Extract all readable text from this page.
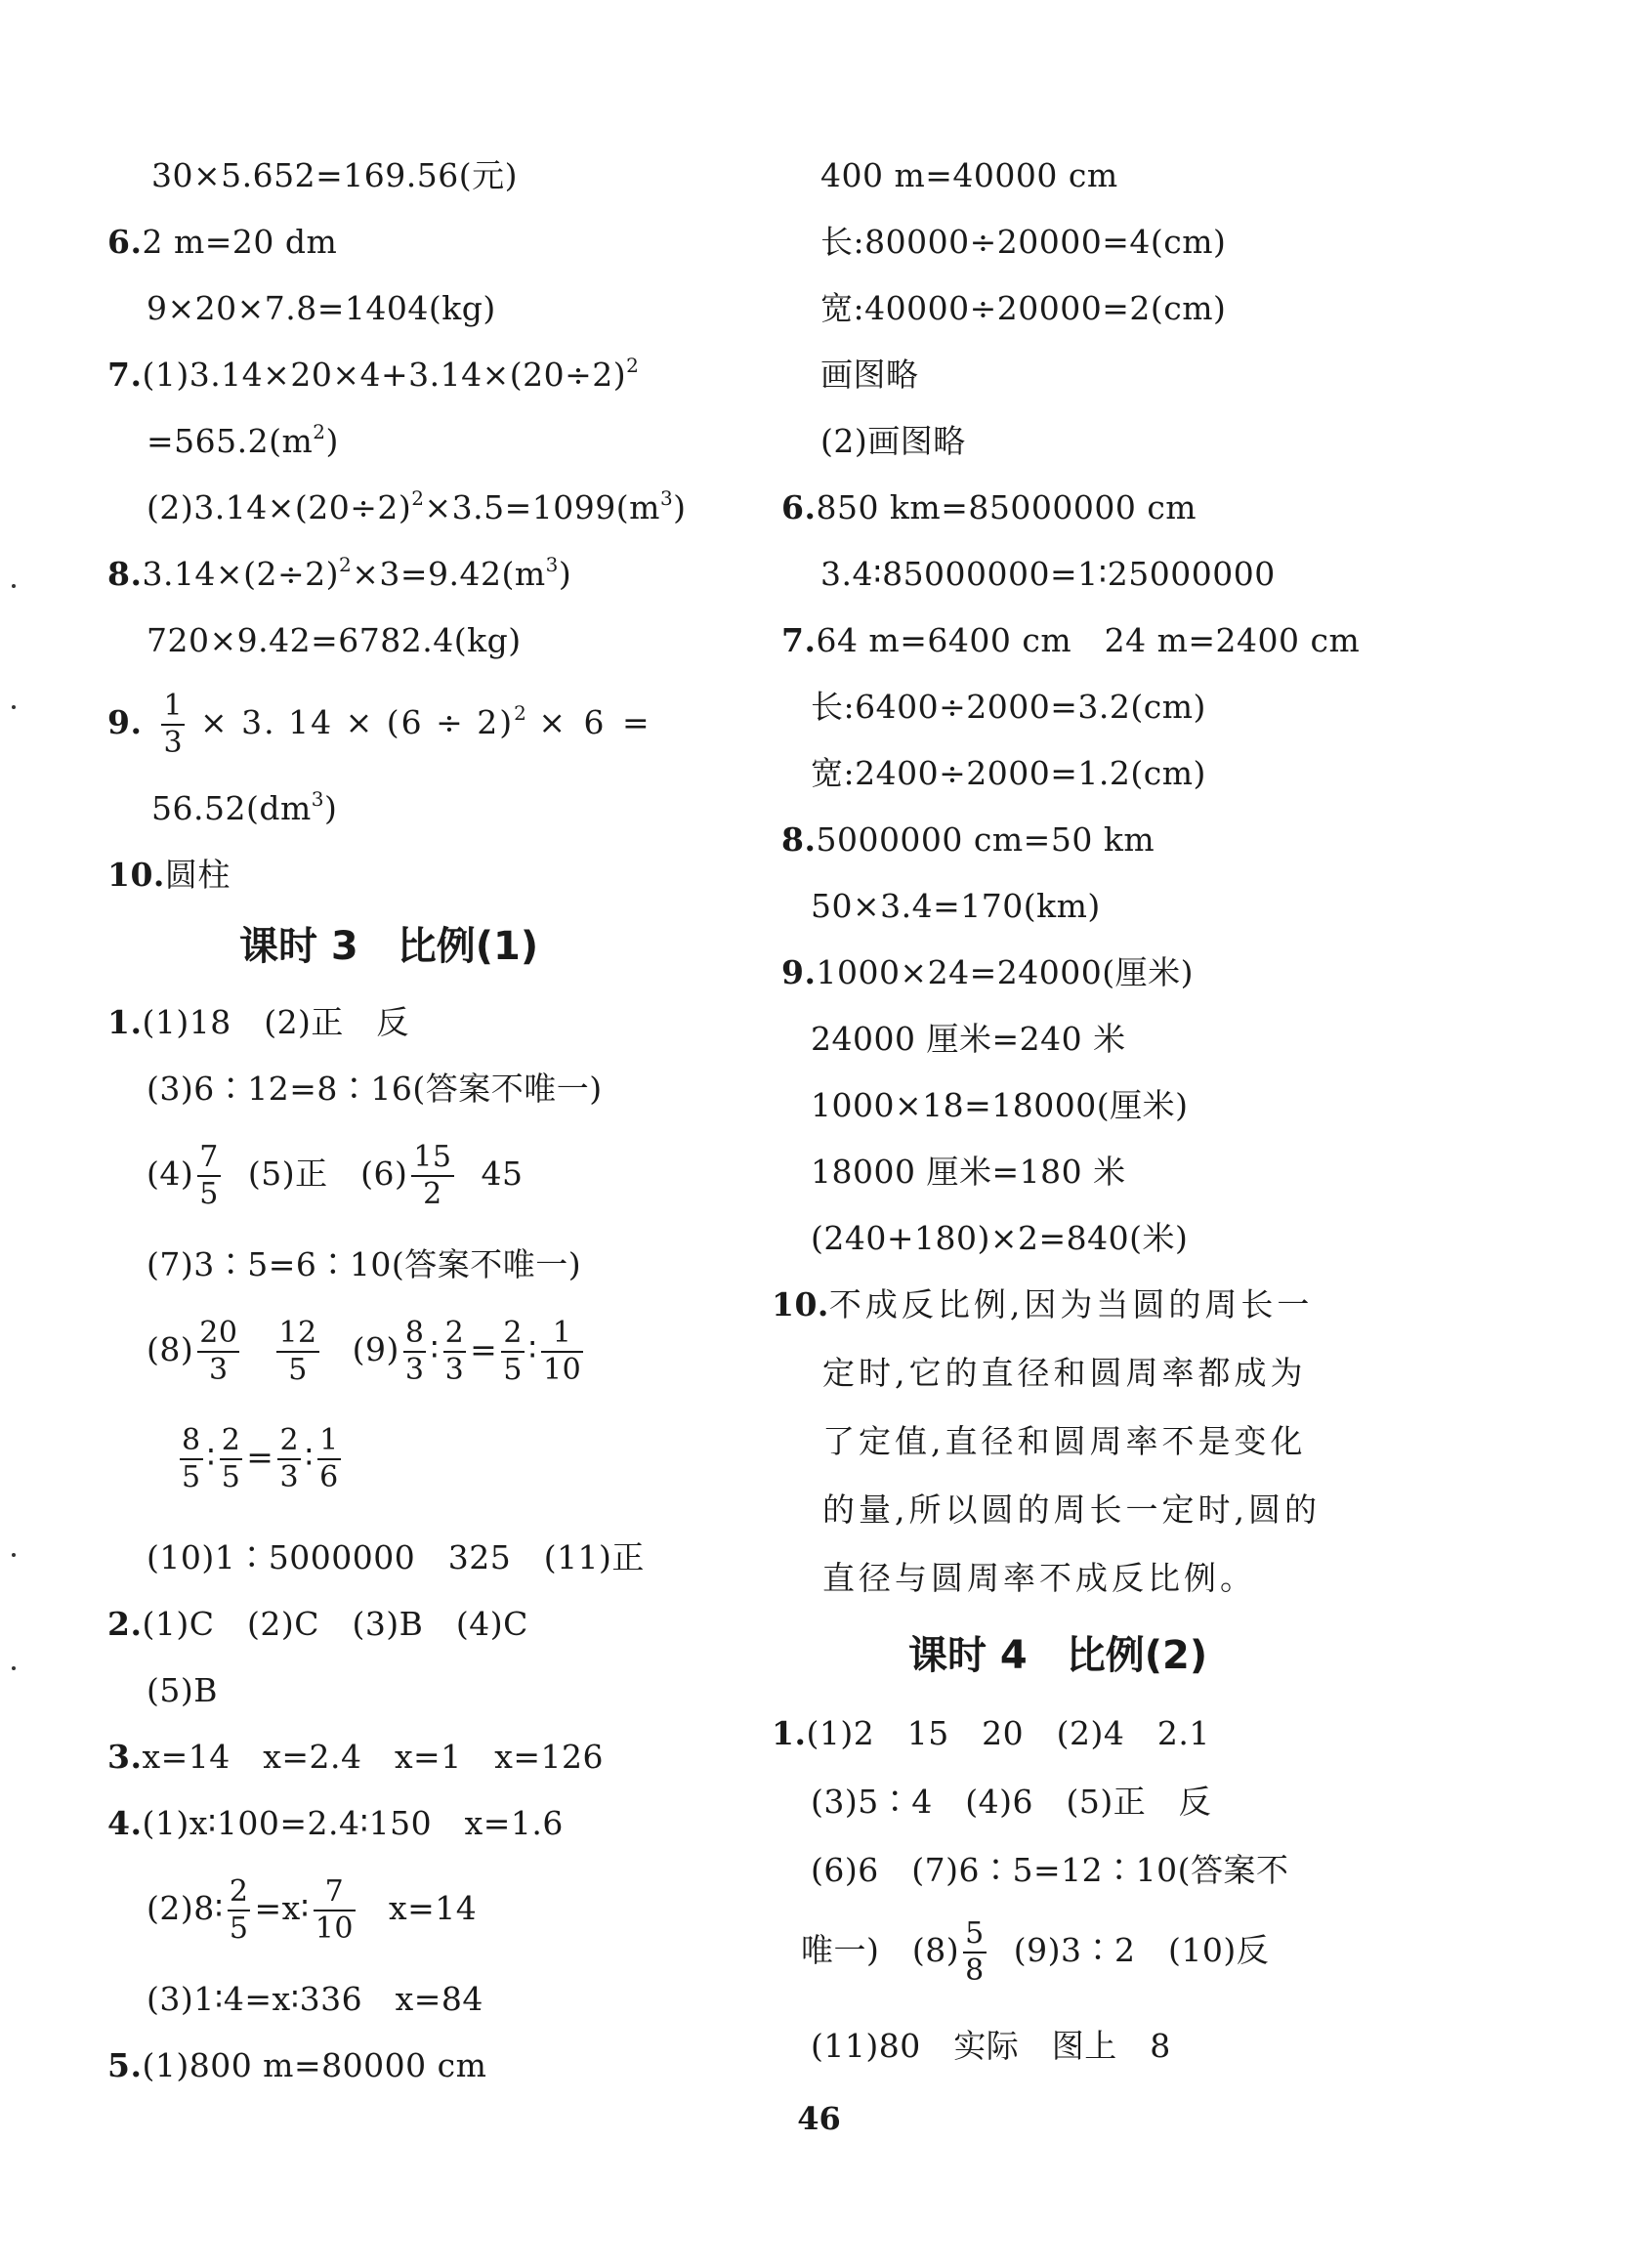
30×5.652=169.56(元)
6.2 m=20 dm
9×20×7.8=1404(kg)
$7.(1)3.14\times 20\times 4+3.14\times(20\div 2)^2$
$=565.2(m^2)$
$(2)3.14\times(20\div 2)^2\times 3.5=1099(m^3)$
$8.3.14\times(2\div 2)^2\times 3=9.42(m^3)$
720×9.42=6782.4(kg)
9. $\frac{1}{3} \times 3$. $14 \times (6 \div 2)^2 \times 6$ =
$56.52(dm^3)$
10.圆柱
课时 3 比例(1)
1.(1)18　(2)正　反
(3)6∶12=8∶16(答案不唯一)
$(4) \frac{7}{5} (5)$正　$(6) \frac{15}{2} 45$
(7)3∶5=6∶10(答案不唯一)
$(8) \frac{20}{3} \frac{12}{5} (9) \frac{8}{3}$ ∶ $\frac{2}{3} = \frac{2}{5}$ ∶ $\frac{1}{10}$
$\frac{8}{5}$ ∶ $\frac{2}{5} = \frac{2}{3}$ ∶ $\frac{1}{6}$
(10)1∶5000000　325　(11)正
2.(1)C　(2)C　(3)B　(4)C
(5)B
3.x=14　x=2.4　x=1　x=126
4.(1)x∶100=2.4∶150　x=1.6
(2)8∶ $\frac{2}{5}$ =x∶ $\frac{7}{10} x=14$
(3)1∶4=x∶336　x=84
5.(1)800 m=80000 cm
400 m=40000 cm
长:80000÷20000=4(cm)
宽:40000÷20000=2(cm)
画图略
(2)画图略
6.850 km=85000000 cm
3.4∶85000000=1∶25000000
7.64 m=6400 cm　24 m=2400 cm
长:6400÷2000=3.2(cm)
宽:2400÷2000=1.2(cm)
8.5000000 cm=50 km
50×3.4=170(km)
9.1000×24=24000(厘米)
24000 厘米=240 米
1000×18=18000(厘米)
18000 厘米=180 米
(240+180)×2=840(米)
10.不成反比例,因为当圆的周长一
定时,它的直径和圆周率都成为
了定值,直径和圆周率不是变化
的量,所以圆的周长一定时,圆的
直径与圆周率不成反比例。
课时 4 比例(2)
1.(1)2　15　20　(2)4　2.1
(3)5∶4　(4)6　(5)正　反
(6)6　(7)6∶5=12∶10(答案不
唯一)　$(8) \frac{5}{8}$ (9)3∶2　(10)反
(11)80　实际　图上　8
46
